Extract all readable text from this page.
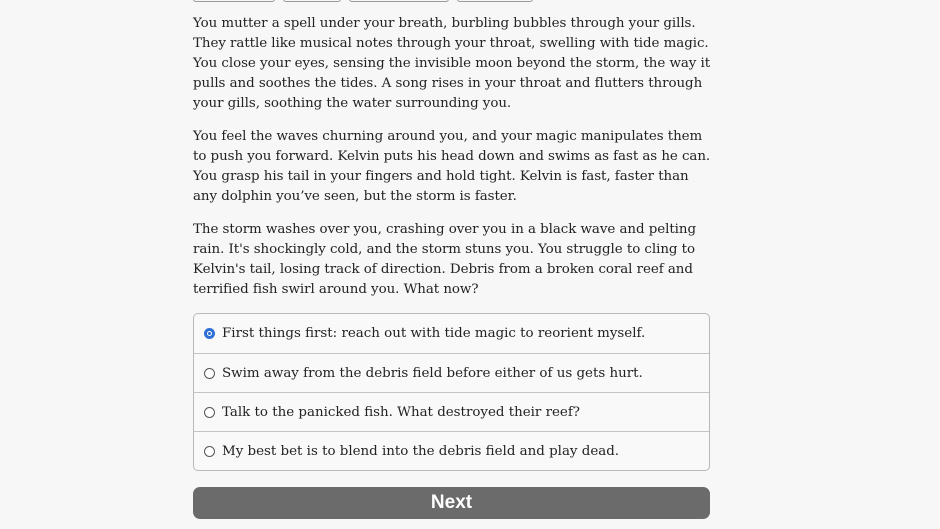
You mutter a spell under your breath, burbling bubbles through your gills. They rattle like musical notes through your throat, swelling with tide magic. You close your eyes, sensing the invisible moon beyond the storm, the way it pulls and soothes the tides. A song rises in your throat and flutters through your gills, soothing the water surrounding you.

You feel the waves churning around you, and your magic manipulates them to push you forward. Kelvin puts his head down and swims as fast as he can. You grasp his tail in your fingers and hold tight. Kelvin is fast, faster than any dolphin you’ve seen, but the storm is faster.

The storm washes over you, crashing over you in a black wave and pelting rain. It's shockingly cold, and the storm stuns you. You struggle to cling to Kelvin's tail, losing track of direction. Debris from a broken coral reef and terrified fish swirl around you. What now?

First things first: reach out with tide magic to reorient myself.
Swim away from the debris field before either of us gets hurt.
Talk to the panicked fish. What destroyed their reef?
My best bet is to blend into the debris field and play dead.
Next
